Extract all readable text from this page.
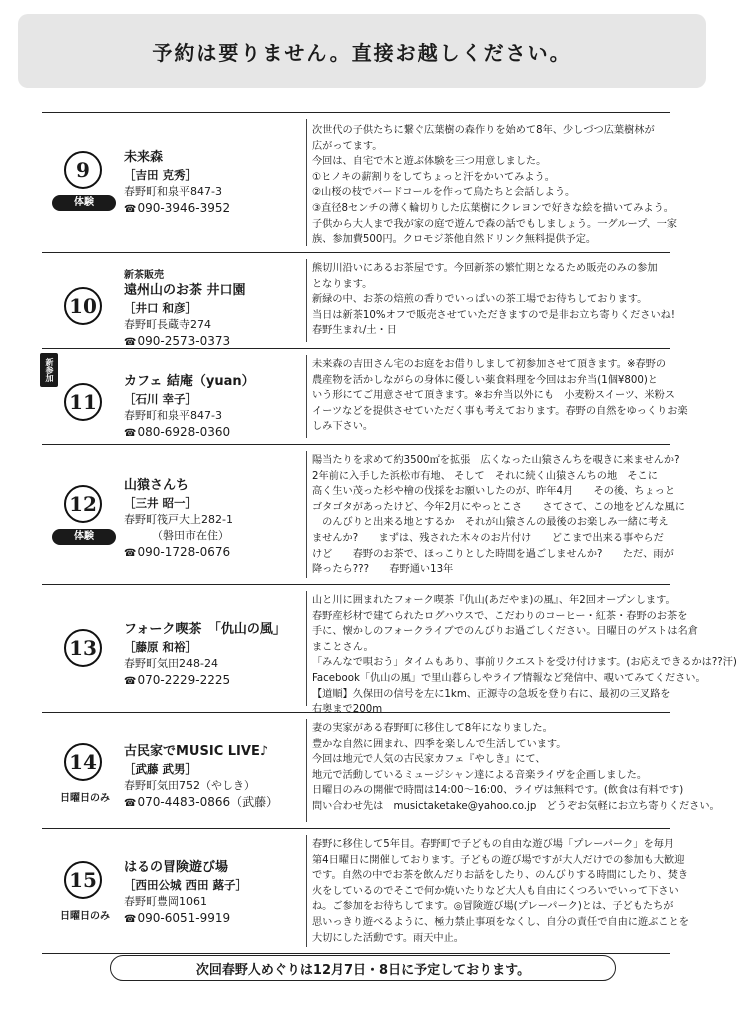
予約は要りません。直接お越しください。
9
体験
未来森
［吉田 克秀］
春野町和泉平847-3
☎ 090-3946-3952

次世代の子供たちに繋ぐ広葉樹の森作りを始めて8年、少しづつ広葉樹林が

広がってます。

今回は、自宅で木と遊ぶ体験を三つ用意しました。

①ヒノキの薪割りをしてちょっと汗をかいてみよう。

②山桜の枝でバードコールを作って鳥たちと会話しよう。

③直径8センチの薄く輪切りした広葉樹にクレヨンで好きな絵を描いてみよう。

子供から大人まで我が家の庭で遊んで森の話でもしましょう。一グループ、一家

族、参加費500円。クロモジ茶他自然ドリンク無料提供予定。

10
新茶販売
遠州山のお茶 井口園
［井口 和彦］
春野町長蔵寺274
☎ 090-2573-0373

熊切川沿いにあるお茶屋です。今回新茶の繁忙期となるため販売のみの参加

となります。

新緑の中、お茶の焙煎の香りでいっぱいの茶工場でお待ちしております。

当日は新茶10%オフで販売させていただきますので是非お立ち寄りくださいね!

春野生まれ/土・日

11
新参加	カフェ 結庵（yuan）
［石川 幸子］
春野町和泉平847-3
☎ 080-6928-0360

未来森の吉田さん宅のお庭をお借りしまして初参加させて頂きます。※春野の

農産物を活かしながらの身体に優しい薬食料理を今回はお弁当(1個¥800)と

いう形にてご用意させて頂きます。※お弁当以外にも　小麦粉スイーツ、米粉ス

イーツなどを提供させていただく事も考えております。春野の自然をゆっくりお楽

しみ下さい。

12
体験
山猿さんち
［三井 昭一］
春野町筏戸大上282-1
（磐田市在住）
☎ 090-1728-0676

陽当たりを求めて約3500㎡を拡張　広くなった山猿さんちを覗きに来ませんか?

2年前に入手した浜松市有地、 そして　それに続く山猿さんちの地　そこに

高く生い茂った杉や檜の伐採をお願いしたのが、昨年4月　　その後、ちょっと

ゴタゴタがあったけど、今年2月にやっとこさ　　さてさて、この地をどんな風に

　のんびりと出来る地とするか　それが山猿さんの最後のお楽しみ一緒に考え

ませんか?　　まずは、残された木々のお片付け　　どこまで出来る事やらだ

けど　　春野のお茶で、ほっこりとした時間を過ごしませんか?　　ただ、雨が

降ったら???　　春野通い13年

13
フォーク喫茶　「仇山の風」
［藤原 和裕］
春野町気田248-24
☎ 070-2229-2225

山と川に囲まれたフォーク喫茶『仇山(あだやま)の風』、年2回オープンします。

春野産杉材で建てられたログハウスで、こだわりのコーヒー・紅茶・春野のお茶を

手に、懐かしのフォークライブでのんびりお過ごしください。日曜日のゲストは名倉

まことさん。

「みんなで唄おう」タイムもあり、事前リクエストを受け付けます。(お応えできるかは??汗)

Facebook「仇山の風」で里山暮らしやライブ情報など発信中、覗いてみてください。

【道順】久保田の信号を左に1km、正源寺の急坂を登り右に、最初の三叉路を

右奥まで200m

14
日曜日のみ
古民家でMUSIC LIVE♪
［武藤 武男］
春野町気田752（やしき）
☎ 070-4483-0866（武藤）

妻の実家がある春野町に移住して8年になりました。

豊かな自然に囲まれ、四季を楽しんで生活しています。

今回は地元で人気の古民家カフェ『やしき』にて、

地元で活動しているミュージシャン達による音楽ライヴを企画しました。

日曜日のみの開催で時間は14:00～16:00、ライヴは無料です。(飲食は有料です)

問い合わせ先は　musictaketake@yahoo.co.jp　どうぞお気軽にお立ち寄りください。

15
日曜日のみ
はるの冒険遊び場
［西田公城 西田 蕗子］
春野町豊岡1061
☎ 090-6051-9919

春野に移住して5年目。春野町で子どもの自由な遊び場「プレーパーク」を毎月

第4日曜日に開催しております。子どもの遊び場ですが大人だけでの参加も大歓迎

です。自然の中でお茶を飲んだりお話をしたり、のんびりする時間にしたり、焚き

火をしているのでそこで何か焼いたりなど大人も自由にくつろいでいって下さい

ね。ご参加をお待ちしてます。◎冒険遊び場(プレーパーク)とは、子どもたちが

思いっきり遊べるように、極力禁止事項をなくし、自分の責任で自由に遊ぶことを

大切にした活動です。雨天中止。

次回春野人めぐりは12月7日・8日に予定しております。
